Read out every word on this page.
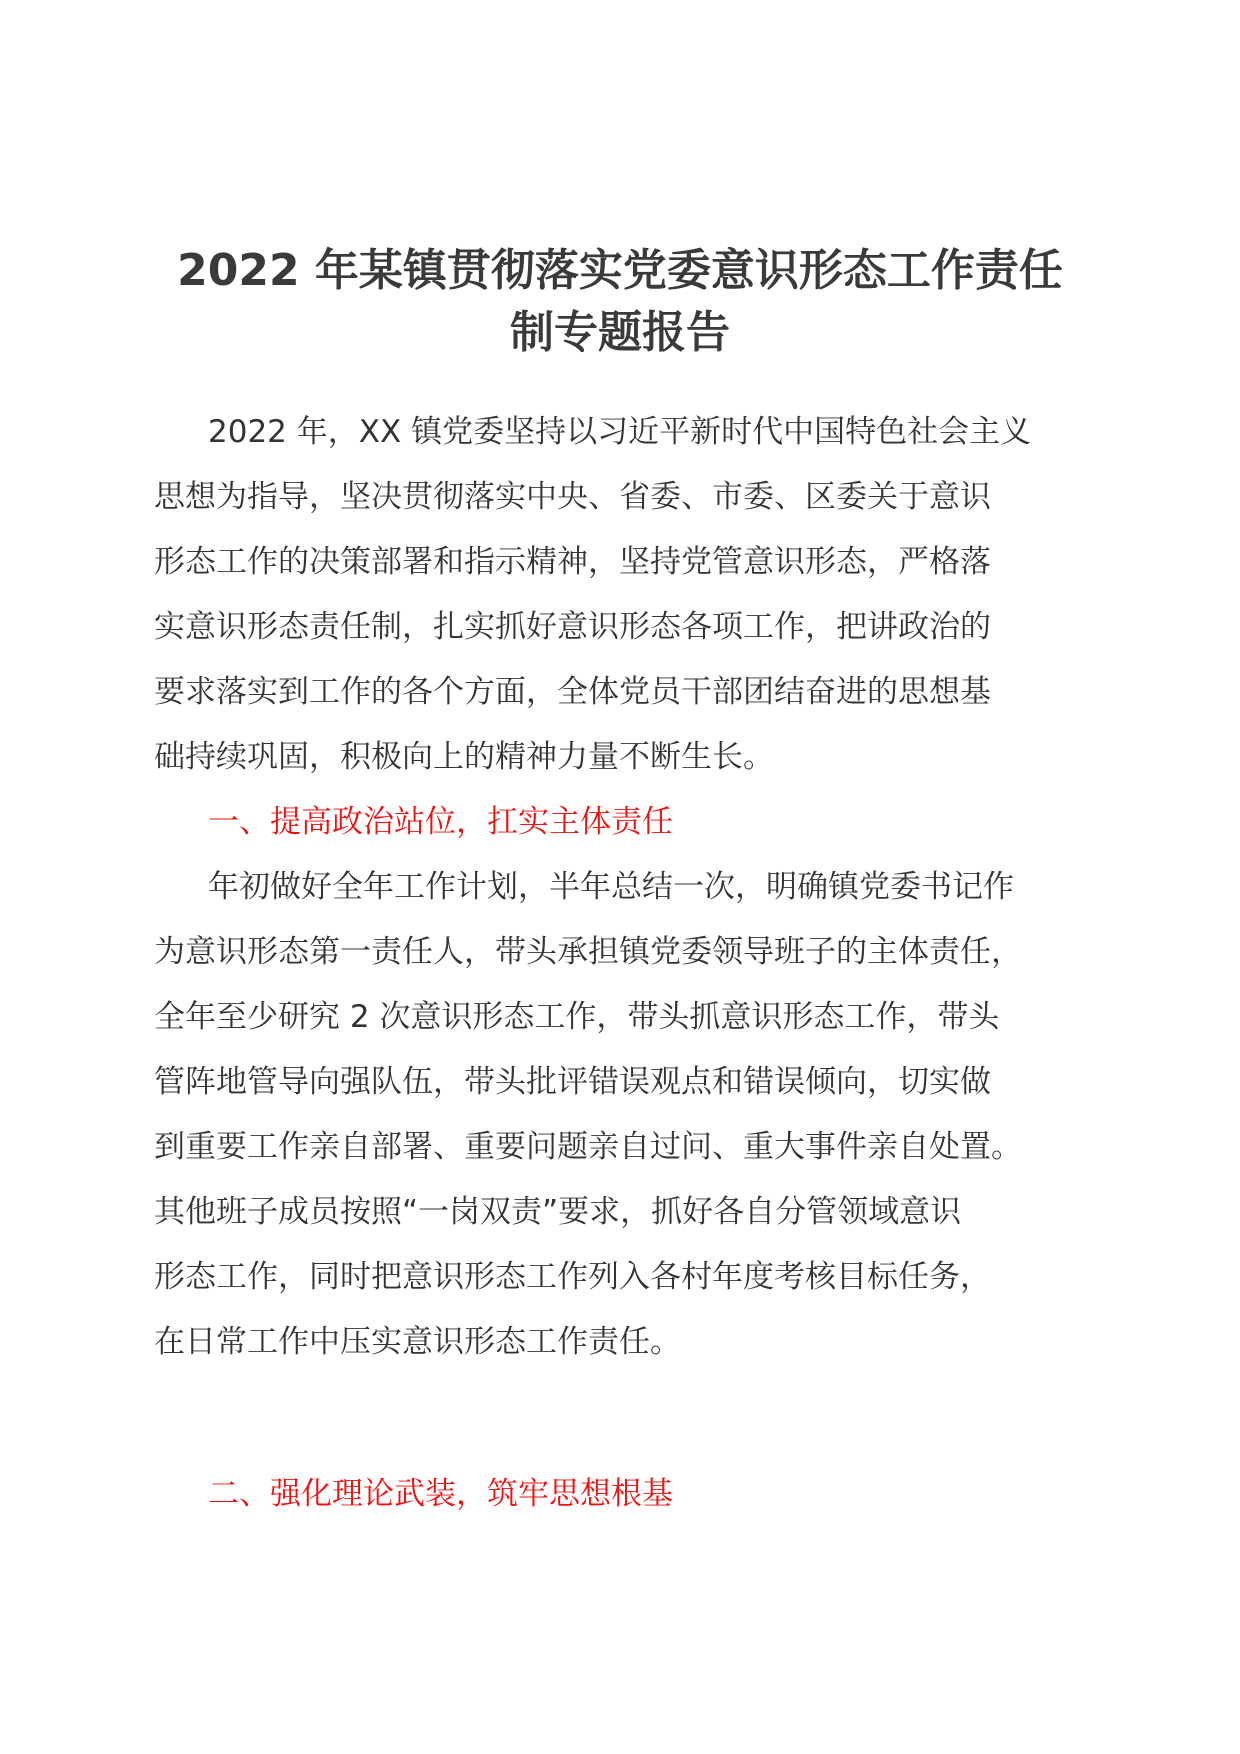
2022 年某镇贯彻落实党委意识形态工作责任
制专题报告
2022 年，XX 镇党委坚持以习近平新时代中国特色社会主义
思想为指导，坚决贯彻落实中央、省委、市委、区委关于意识
形态工作的决策部署和指示精神，坚持党管意识形态，严格落
实意识形态责任制，扎实抓好意识形态各项工作，把讲政治的
要求落实到工作的各个方面，全体党员干部团结奋进的思想基
础持续巩固，积极向上的精神力量不断生长。
一、提高政治站位，扛实主体责任
年初做好全年工作计划，半年总结一次，明确镇党委书记作
为意识形态第一责任人，带头承担镇党委领导班子的主体责任，
全年至少研究 2 次意识形态工作，带头抓意识形态工作，带头
管阵地管导向强队伍，带头批评错误观点和错误倾向，切实做
到重要工作亲自部署、重要问题亲自过问、重大事件亲自处置。
其他班子成员按照“一岗双责”要求，抓好各自分管领域意识
形态工作，同时把意识形态工作列入各村年度考核目标任务，
在日常工作中压实意识形态工作责任。
二、强化理论武装，筑牢思想根基
